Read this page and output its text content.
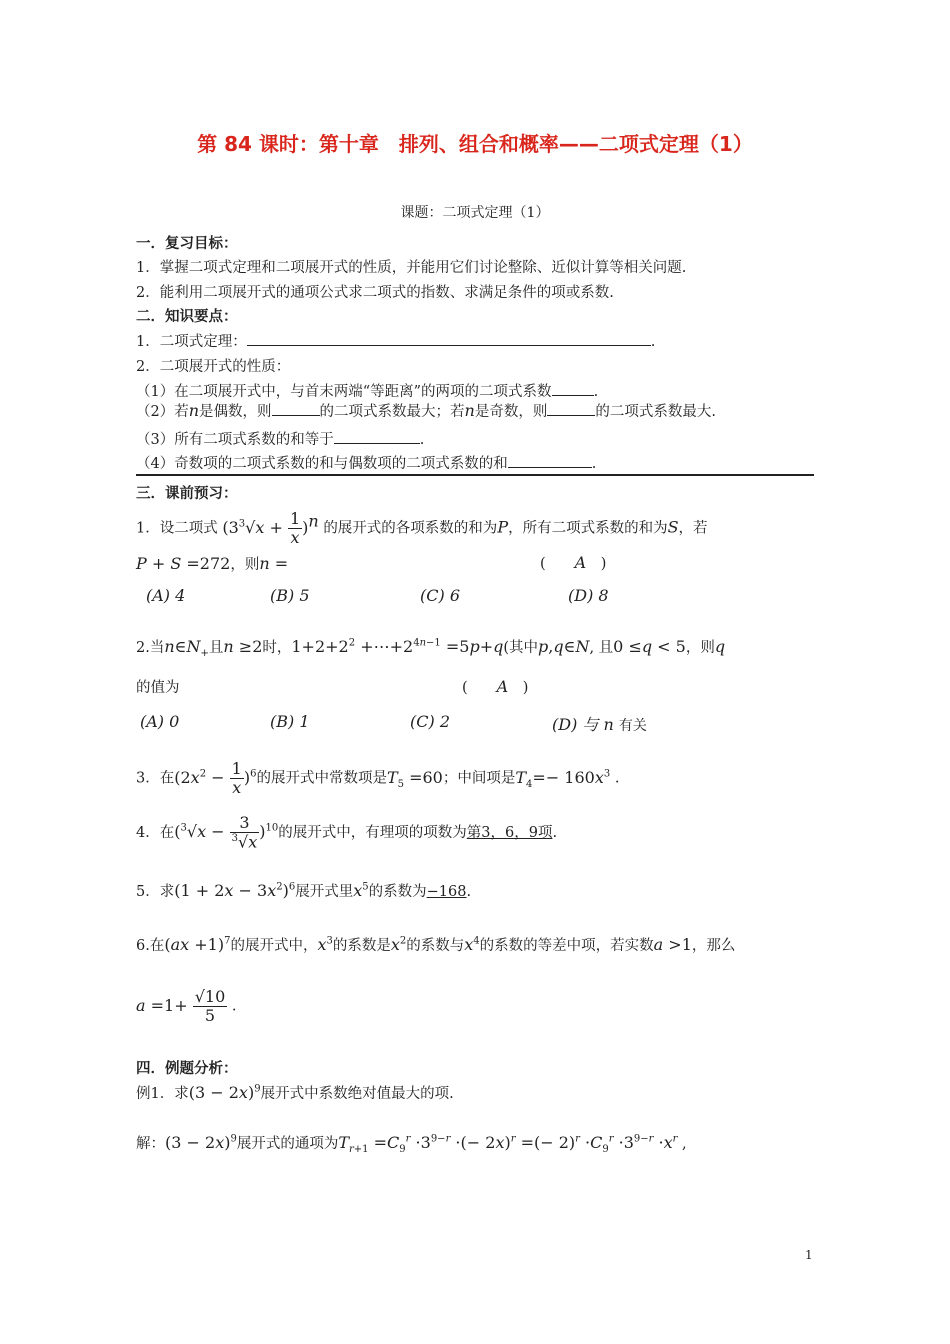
第 84 课时：第十章　排列、组合和概率——二项式定理（1）
课题：二项式定理（1）
一．复习目标：
1．掌握二项式定理和二项展开式的性质，并能用它们讨论整除、近似计算等相关问题.
2．能利用二项展开式的通项公式求二项式的指数、求满足条件的项或系数.
二．知识要点：
1．二项式定理：	.
2．二项展开式的性质：
（1）在二项展开式中，与首末两端“等距离”的两项的二项式系数	.
（2）若n是偶数，则	的二项式系数最大；若n是奇数，则	的二项式系数最大.
（3）所有二项式系数的和等于	.
（4）奇数项的二项式系数的和与偶数项的二项式系数的和	.
三．课前预习：
1．设二项式 $(3^3√x + \frac{1}{x} )^n$ 的展开式的各项系数的和为P，所有二项式系数的和为S，若
P + S =272，则n =	(　　A　)
(A) 4	(B) 5	(C) 6	(D) 8
2.当$n\in N_+$且n ≥2时，$1+2+2^2$ $+\cdots+2^{4n-1} =5p+q$(其中p,q∈N, 且0 ≤q < 5，则q
的值为	(　　A　)
(A) 0	(B) 1	(C) 2	(D) 与 n 有关
3．在$(2x^2 - \frac{1}{x} )^6$的展开式中常数项是$T_5 =60$；中间项是$T_4=- 160x^3$ .
4．在$(^3√x - \frac{3}{^3√x} )^{10}$的展开式中，有理项的项数为第3，6，9项.
5．求$(1 + 2x - 3x^2)^6$展开式里$x^5$的系数为−168.
6.在(ax +1)$^7$的展开式中，$x^3$的系数是$x^2$的系数与$x^4$的系数的等差中项，若实数a >1，那么
$a =1+ \frac{√10}{5}$ .
四．例题分析：
例1．求$(3 - 2x)^9$展开式中系数绝对值最大的项.
解：$(3 - 2x)^9$展开式的通项为$T_{r+1} =C_9^r \cdot 3^{9-r}$ ·(− 2x)$^r$ =(− $2)^r \cdot C_9^r \cdot 3^{9-r} \cdot x^r$ ,
1
